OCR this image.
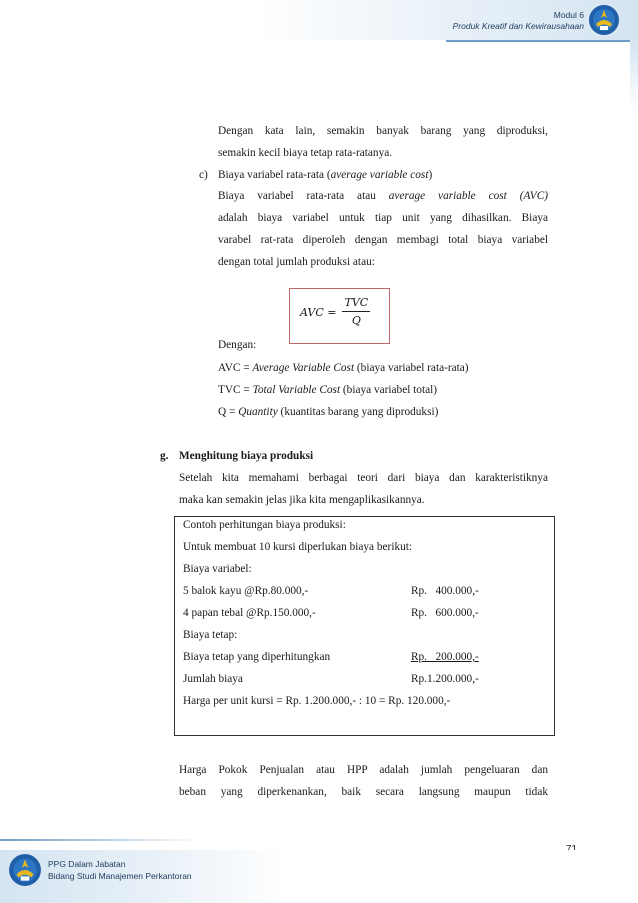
Modul 6
Produk Kreatif dan Kewirausahaan
Dengan kata lain, semakin banyak barang yang diproduksi,
semakin kecil biaya tetap rata-ratanya.
c) Biaya variabel rata-rata (average variable cost)
Biaya variabel rata-rata atau average variable cost (AVC)
adalah biaya variabel untuk tiap unit yang dihasilkan. Biaya
varabel rat-rata diperoleh dengan membagi total biaya variabel
dengan total jumlah produksi atau:
AVC = $\frac{\text{TVC}}{Q}$
Dengan:
AVC = Average Variable Cost (biaya variabel rata-rata)
TVC = Total Variable Cost (biaya variabel total)
Q = Quantity (kuantitas barang yang diproduksi)
g. Menghitung biaya produksi
Setelah kita memahami berbagai teori dari biaya dan karakteristiknya
maka kan semakin jelas jika kita mengaplikasikannya.
Contoh perhitungan biaya produksi:
Untuk membuat 10 kursi diperlukan biaya berikut:
Biaya variabel:
5 balok kayu @Rp.80.000,-	Rp.   400.000,-
4 papan tebal @Rp.150.000,-	Rp.   600.000,-
Biaya tetap:
Biaya tetap yang diperhitungkan	Rp.   200.000,-
Jumlah biaya	Rp.1.200.000,-
Harga per unit kursi = Rp. 1.200.000,- : 10 = Rp. 120.000,-
Harga Pokok Penjualan atau HPP adalah jumlah pengeluaran dan
beban yang diperkenankan, baik secara langsung maupun tidak
PPG Dalam Jabatan
Bidang Studi Manajemen Perkantoran
